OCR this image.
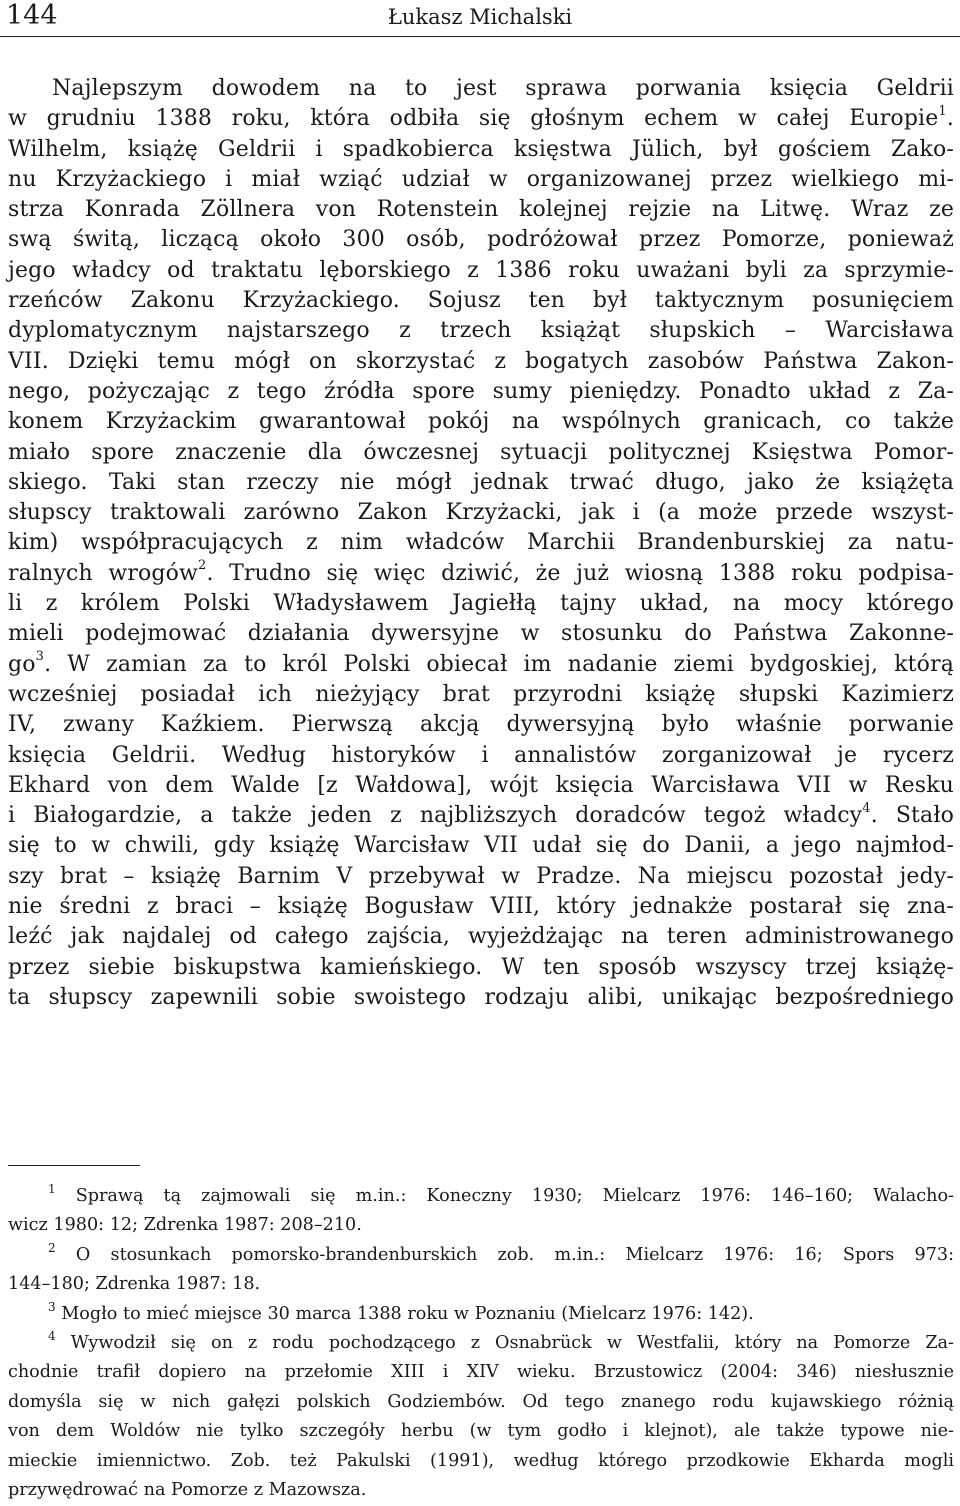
144	Łukasz Michalski
Najlepszym dowodem na to jest sprawa porwania księcia Geldrii
w grudniu 1388 roku, która odbiła się głośnym echem w całej Europie$^1$.
Wilhelm, książę Geldrii i spadkobierca księstwa Jülich, był gościem Zako-
nu Krzyżackiego i miał wziąć udział w organizowanej przez wielkiego mi-
strza Konrada Zöllnera von Rotenstein kolejnej rejzie na Litwę. Wraz ze
swą świtą, liczącą około 300 osób, podróżował przez Pomorze, ponieważ
jego władcy od traktatu lęborskiego z 1386 roku uważani byli za sprzymie-
rzeńców Zakonu Krzyżackiego. Sojusz ten był taktycznym posunięciem
dyplomatycznym najstarszego z trzech książąt słupskich – Warcisława
VII. Dzięki temu mógł on skorzystać z bogatych zasobów Państwa Zakon-
nego, pożyczając z tego źródła spore sumy pieniędzy. Ponadto układ z Za-
konem Krzyżackim gwarantował pokój na wspólnych granicach, co także
miało spore znaczenie dla ówczesnej sytuacji politycznej Księstwa Pomor-
skiego. Taki stan rzeczy nie mógł jednak trwać długo, jako że książęta
słupscy traktowali zarówno Zakon Krzyżacki, jak i (a może przede wszyst-
kim) współpracujących z nim władców Marchii Brandenburskiej za natu-
ralnych wrogów$^2$. Trudno się więc dziwić, że już wiosną 1388 roku podpisa-
li z królem Polski Władysławem Jagiełłą tajny układ, na mocy którego
mieli podejmować działania dywersyjne w stosunku do Państwa Zakonne-
$go^3$. W zamian za to król Polski obiecał im nadanie ziemi bydgoskiej, którą
wcześniej posiadał ich nieżyjący brat przyrodni książę słupski Kazimierz
IV, zwany Kaźkiem. Pierwszą akcją dywersyjną było właśnie porwanie
księcia Geldrii. Według historyków i annalistów zorganizował je rycerz
Ekhard von dem Walde [z Wałdowa], wójt księcia Warcisława VII w Resku
i Białogardzie, a także jeden z najbliższych doradców tegoż władcy$^4$. Stało
się to w chwili, gdy książę Warcisław VII udał się do Danii, a jego najmłod-
szy brat – książę Barnim V przebywał w Pradze. Na miejscu pozostał jedy-
nie średni z braci – książę Bogusław VIII, który jednakże postarał się zna-
leźć jak najdalej od całego zajścia, wyjeżdżając na teren administrowanego
przez siebie biskupstwa kamieńskiego. W ten sposób wszyscy trzej książę-
ta słupscy zapewnili sobie swoistego rodzaju alibi, unikając bezpośredniego
$^1$ Sprawą tą zajmowali się m.in.: Koneczny 1930; Mielcarz 1976: 146–160; Walacho-
wicz 1980: 12; Zdrenka 1987: 208–210.
$^2$ O stosunkach pomorsko-brandenburskich zob. m.in.: Mielcarz 1976: 16; Spors 973:
144–180; Zdrenka 1987: 18.
$^3$ Mogło to mieć miejsce 30 marca 1388 roku w Poznaniu (Mielcarz 1976: 142).
$^4$ Wywodził się on z rodu pochodzącego z Osnabrück w Westfalii, który na Pomorze Za-
chodnie trafił dopiero na przełomie XIII i XIV wieku. Brzustowicz (2004: 346) niesłusznie
domyśla się w nich gałęzi polskich Godziembów. Od tego znanego rodu kujawskiego różnią
von dem Woldów nie tylko szczegóły herbu (w tym godło i klejnot), ale także typowe nie-
mieckie imiennictwo. Zob. też Pakulski (1991), według którego przodkowie Ekharda mogli
przywędrować na Pomorze z Mazowsza.
